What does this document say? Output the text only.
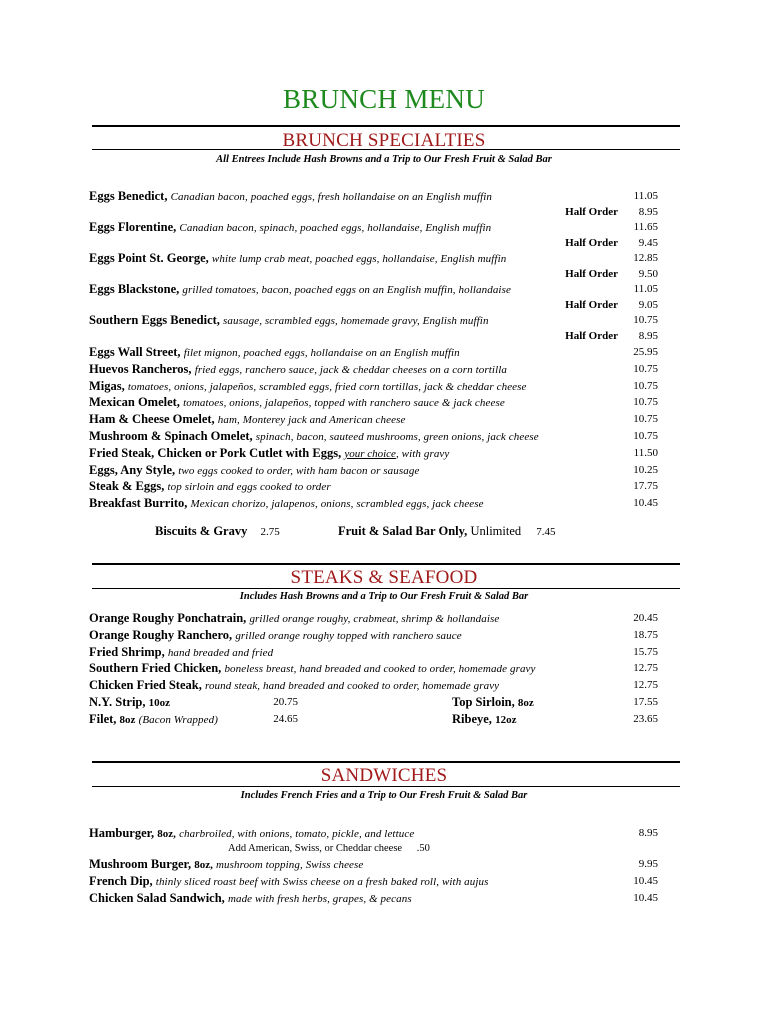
BRUNCH MENU
BRUNCH SPECIALTIES
All Entrees Include Hash Browns and a Trip to Our Fresh Fruit & Salad Bar
Eggs Benedict, Canadian bacon, poached eggs, fresh hollandaise on an English muffin	11.05
Half Order	8.95
Eggs Florentine, Canadian bacon, spinach, poached eggs, hollandaise, English muffin	11.65
Half Order	9.45
Eggs Point St. George, white lump crab meat, poached eggs, hollandaise, English muffin	12.85
Half Order	9.50
Eggs Blackstone, grilled tomatoes, bacon, poached eggs on an English muffin, hollandaise	11.05
Half Order	9.05
Southern Eggs Benedict, sausage, scrambled eggs, homemade gravy, English muffin	10.75
Half Order	8.95
Eggs Wall Street, filet mignon, poached eggs, hollandaise on an English muffin	25.95
Huevos Rancheros, fried eggs, ranchero sauce, jack & cheddar cheeses on a corn tortilla	10.75
Migas, tomatoes, onions, jalapeños, scrambled eggs, fried corn tortillas, jack & cheddar cheese	10.75
Mexican Omelet, tomatoes, onions, jalapeños, topped with ranchero sauce & jack cheese	10.75
Ham & Cheese Omelet, ham, Monterey jack and American cheese	10.75
Mushroom & Spinach Omelet, spinach, bacon, sauteed mushrooms, green onions, jack cheese	10.75
Fried Steak, Chicken or Pork Cutlet with Eggs, your choice, with gravy	11.50
Eggs, Any Style, two eggs cooked to order, with ham bacon or sausage	10.25
Steak & Eggs, top sirloin and eggs cooked to order	17.75
Breakfast Burrito, Mexican chorizo, jalapenos, onions, scrambled eggs, jack cheese	10.45
Biscuits & Gravy 2.75	Fruit & Salad Bar Only, Unlimited 7.45
STEAKS & SEAFOOD
Includes Hash Browns and a Trip to Our Fresh Fruit & Salad Bar
Orange Roughy Ponchatrain, grilled orange roughy, crabmeat, shrimp & hollandaise	20.45
Orange Roughy Ranchero, grilled orange roughy topped with ranchero sauce	18.75
Fried Shrimp, hand breaded and fried	15.75
Southern Fried Chicken, boneless breast, hand breaded and cooked to order, homemade gravy	12.75
Chicken Fried Steak, round steak, hand breaded and cooked to order, homemade gravy	12.75
N.Y. Strip, 10oz	20.75	Top Sirloin, 8oz	17.55
Filet, 8oz (Bacon Wrapped)	24.65	Ribeye, 12oz	23.65
SANDWICHES
Includes French Fries and a Trip to Our Fresh Fruit & Salad Bar
Hamburger, 8oz, charbroiled, with onions, tomato, pickle, and lettuce	8.95
Add American, Swiss, or Cheddar cheese .50
Mushroom Burger, 8oz, mushroom topping, Swiss cheese	9.95
French Dip, thinly sliced roast beef with Swiss cheese on a fresh baked roll, with aujus	10.45
Chicken Salad Sandwich, made with fresh herbs, grapes, & pecans	10.45
